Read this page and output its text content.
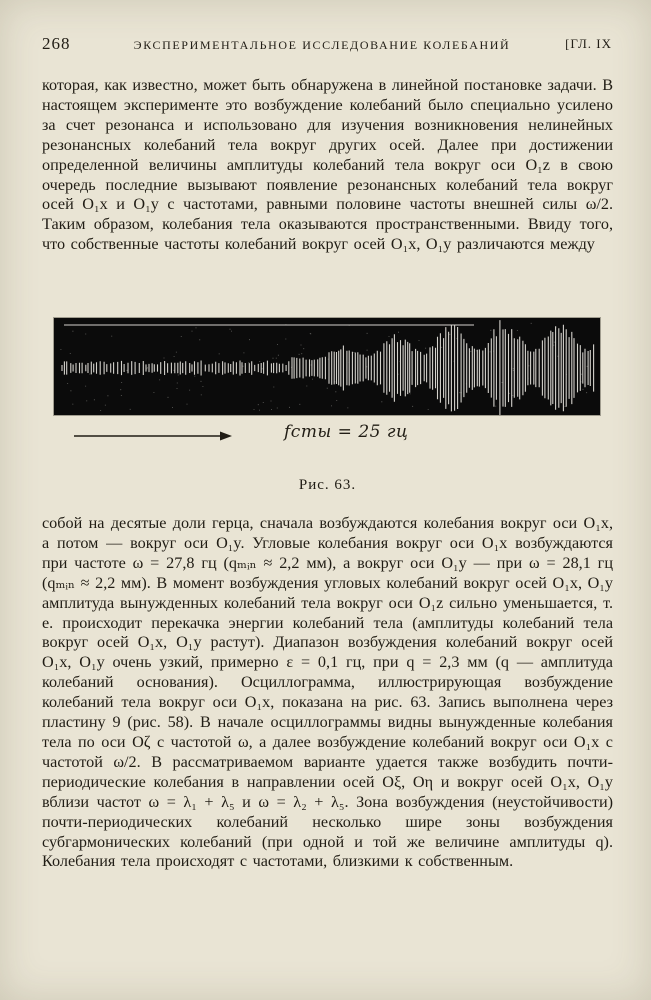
268	ЭКСПЕРИМЕНТАЛЬНОЕ ИССЛЕДОВАНИЕ КОЛЕБАНИЙ	[ГЛ. IX
которая, как известно, может быть обнаружена в линейной постановке задачи. В настоящем эксперименте это возбуждение колебаний было специально усилено за счет резонанса и использовано для изучения возникновения нелинейных резонансных колебаний тела вокруг других осей. Далее при достижении определенной величины амплитуды колебаний тела вокруг оси O₁z в свою очередь последние вызывают появление резонансных колебаний тела вокруг осей O₁x и O₁y с частотами, равными половине частоты внешней силы ω/2. Таким образом, колебания тела оказываются пространственными. Ввиду того, что собственные частоты колебаний вокруг осей O₁x, O₁y различаются между
fсты = 25 гц
Рис. 63.
собой на десятые доли герца, сначала возбуждаются колебания вокруг оси O₁x, а потом — вокруг оси O₁y. Угловые колебания вокруг оси O₁x возбуждаются при частоте ω = 27,8 гц (qₘᵢₙ ≈ 2,2 мм), а вокруг оси O₁y — при ω = 28,1 гц (qₘᵢₙ ≈ 2,2 мм). В момент возбуждения угловых колебаний вокруг осей O₁x, O₁y амплитуда вынужденных колебаний тела вокруг оси O₁z сильно уменьшается, т. е. происходит перекачка энергии колебаний тела (амплитуды колебаний тела вокруг осей O₁x, O₁y растут). Диапазон возбуждения колебаний вокруг осей O₁x, O₁y очень узкий, примерно ε = 0,1 гц, при q = 2,3 мм (q — амплитуда колебаний основания). Осциллограмма, иллюстрирующая возбуждение колебаний тела вокруг оси O₁x, показана на рис. 63. Запись выполнена через пластину 9 (рис. 58). В начале осциллограммы видны вынужденные колебания тела по оси Oζ с частотой ω, а далее возбуждение колебаний вокруг оси O₁x с частотой ω/2. В рассматриваемом варианте удается также возбудить почти-периодические колебания в направлении осей Oξ, Oη и вокруг осей O₁x, O₁y вблизи частот ω = λ₁ + λ₅ и ω = λ₂ + λ₅. Зона возбуждения (неустойчивости) почти-периодических колебаний несколько шире зоны возбуждения субгармонических колебаний (при одной и той же величине амплитуды q). Колебания тела происходят с частотами, близкими к собственным.
